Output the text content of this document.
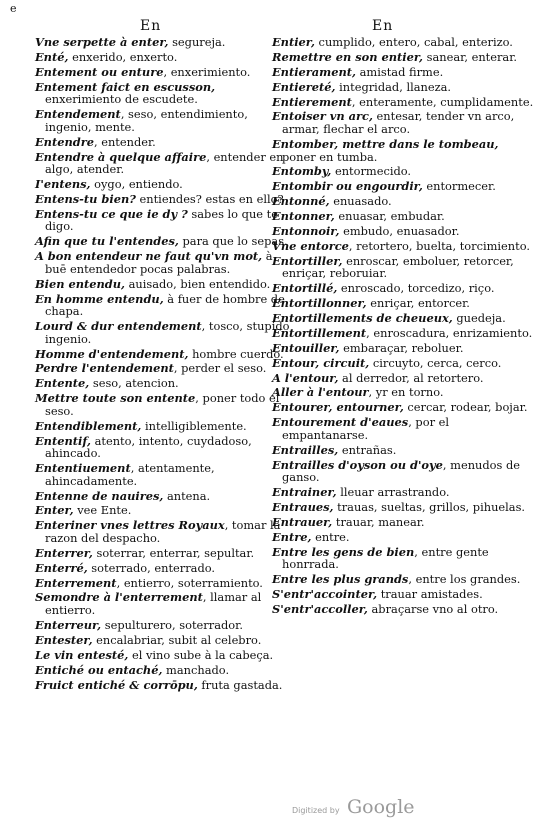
e
En	En
Vne serpette à enter, segureja.
Enté, enxerido, enxerto.
Entement ou enture, enxerimiento.
Entement faict en escusson, enxerimiento de escudete.
Entendement, seso, entendimiento, ingenio, mente.
Entendre, entender.
Entendre à quelque affaire, entender en algo, atender.
I'entens, oygo, entiendo.
Entens-tu bien? entiendes? estas en ello?
Entens-tu ce que ie dy ? sabes lo que te digo.
Afin que tu l'entendes, para que lo sepas.
A bon entendeur ne faut qu'vn mot, à buē entendedor pocas palabras.
Bien entendu, auisado, bien entendido.
En homme entendu, à fuer de hombre de chapa.
Lourd & dur entendement, tosco, stupido ingenio.
Homme d'entendement, hombre cuerdo.
Perdre l'entendement, perder el seso.
Entente, seso, atencion.
Mettre toute son entente, poner todo el seso.
Entendiblement, intelligiblemente.
Ententif, atento, intento, cuydadoso, ahincado.
Ententiuement, atentamente, ahincadamente.
Entenne de nauires, antena.
Enter, vee Ente.
Enteriner vnes lettres Royaux, tomar la razon del despacho.
Enterrer, soterrar, enterrar, sepultar.
Enterré, soterrado, enterrado.
Enterrement, entierro, soterramiento.
Semondre à l'enterrement, llamar al entierro.
Enterreur, sepulturero, soterrador.
Entester, encalabriar, subit al celebro.
Le vin entesté, el vino sube à la cabeça.
Entiché ou entaché, manchado.
Fruict entiché & corrōpu, fruta gastada.
Entier, cumplido, entero, cabal, enterizo.
Remettre en son entier, sanear, enterar.
Entierament, amistad firme.
Entiereté, integridad, llaneza.
Entierement, enteramente, cumplidamente.
Entoiser vn arc, entesar, tender vn arco, armar, flechar el arco.
Entomber, mettre dans le tombeau, poner en tumba.
Entomby, entormecido.
Entombir ou engourdir, entormecer.
Entonné, enuasado.
Entonner, enuasar, embudar.
Entonnoir, embudo, enuasador.
Vne entorce, retortero, buelta, torcimiento.
Entortiller, enroscar, emboluer, retorcer, enriçar, reboruiar.
Entortillé, enroscado, torcedizo, riço.
Entortillonner, enriçar, entorcer.
Entortillements de cheueux, guedeja.
Entortillement, enroscadura, enrizamiento.
Entouiller, embaraçar, reboluer.
Entour, circuit, circuyto, cerca, cerco.
A l'entour, al derredor, al retortero.
Aller à l'entour, yr en torno.
Entourer, entourner, cercar, rodear, bojar.
Entourement d'eaues, por el empantanarse.
Entrailles, entrañas.
Entrailles d'oyson ou d'oye, menudos de ganso.
Entrainer, lleuar arrastrando.
Entraues, trauas, sueltas, grillos, pihuelas.
Entrauer, trauar, manear.
Entre, entre.
Entre les gens de bien, entre gente honrrada.
Entre les plus grands, entre los grandes.
S'entr'accointer, trauar amistades.
S'entr'accoller, abraçarse vno al otro.
Digitized by Google
